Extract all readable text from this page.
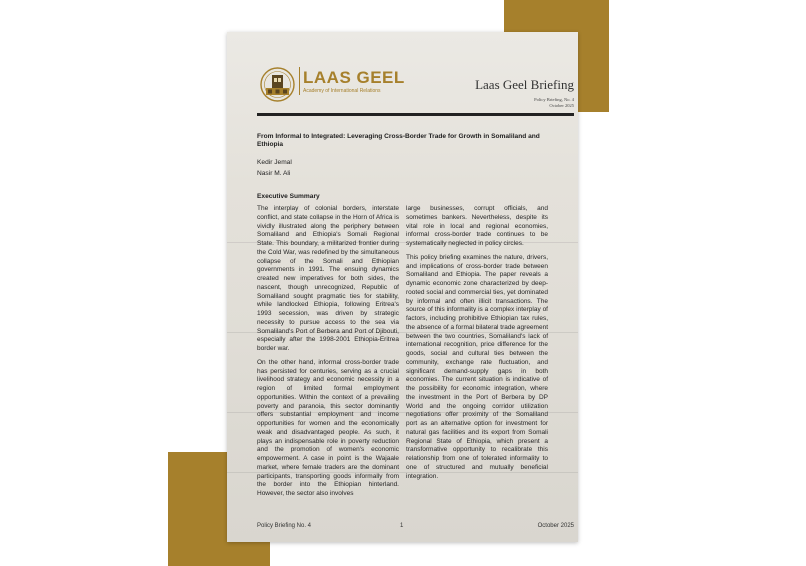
LAAS GEEL
Academy of International Relations	Laas Geel Briefing
Policy Briefing, No. 4
October 2025
From Informal to Integrated: Leveraging Cross-Border Trade for Growth in Somaliland and Ethiopia
Kedir Jemal
Nasir M. Ali
Executive Summary

The interplay of colonial borders, interstate conflict, and state collapse in the Horn of Africa is vividly illustrated along the periphery between Somaliland and Ethiopia's Somali Regional State. This boundary, a militarized frontier during the Cold War, was redefined by the simultaneous collapse of the Somali and Ethiopian governments in 1991. The ensuing dynamics created new imperatives for both sides, the nascent, though unrecognized, Republic of Somaliland sought pragmatic ties for stability, while landlocked Ethiopia, following Eritrea's 1993 secession, was driven by strategic necessity to pursue access to the sea via Somaliland's Port of Berbera and Port of Djibouti, especially after the 1998-2001 Ethiopia-Eritrea border war.

On the other hand, informal cross-border trade has persisted for centuries, serving as a crucial livelihood strategy and economic necessity in a region of limited formal employment opportunities. Within the context of a prevailing poverty and paranoia, this sector dominantly offers substantial employment and income opportunities for women and the economically weak and disadvantaged people. As such, it plays an indispensable role in poverty reduction and the promotion of women's economic empowerment. A case in point is the Wajaale market, where female traders are the dominant participants, transporting goods informally from the border into the Ethiopian hinterland. However, the sector also involves

large businesses, corrupt officials, and sometimes bankers. Nevertheless, despite its vital role in local and regional economies, informal cross-border trade continues to be systematically neglected in policy circles.

This policy briefing examines the nature, drivers, and implications of cross-border trade between Somaliland and Ethiopia. The paper reveals a dynamic economic zone characterized by deep-rooted social and commercial ties, yet dominated by informal and often illicit transactions. The source of this informality is a complex interplay of factors, including prohibitive Ethiopian tax rules, the absence of a formal bilateral trade agreement between the two countries, Somaliland's lack of international recognition, price difference for the goods, social and cultural ties between the community, exchange rate fluctuation, and significant demand-supply gaps in both economies. The current situation is indicative of the possibility for economic integration, where the investment in the Port of Berbera by DP World and the ongoing corridor utilization negotiations offer proximity of the Somaliland port as an alternative option for investment for natural gas facilities and its export from Somali Regional State of Ethiopia, which present a transformative opportunity to recalibrate this relationship from one of tolerated informality to one of structured and mutually beneficial integration.

Policy Briefing No. 4	1	October 2025
